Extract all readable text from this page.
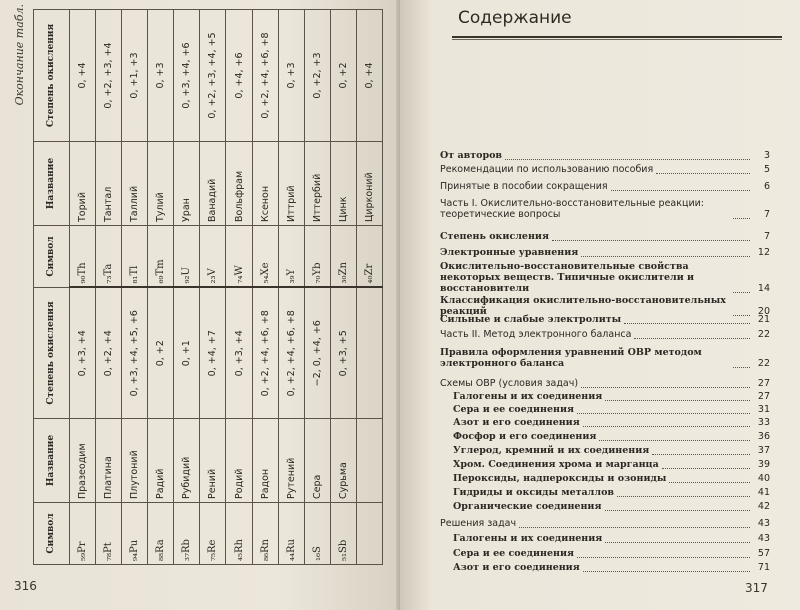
Окончание табл.
Символ	Название	Степень окисления	Символ	Название	Степень окисления
₅₉Pr	Празеодим	0, +3, +4	₉₀Th	Торий	0, +4
₇₈Pt	Платина	0, +2, +4	₇₃Ta	Тантал	0, +2, +3, +4
₉₄Pu	Плутоний	0, +3, +4, +5, +6	₈₁Tl	Таллий	0, +1, +3
₈₈Ra	Радий	0, +2	₆₉Tm	Тулий	0, +3
₃₇Rb	Рубидий	0, +1	₉₂U	Уран	0, +3, +4, +6
₇₅Re	Рений	0, +4, +7	₂₃V	Ванадий	0, +2, +3, +4, +5
₄₅Rh	Родий	0, +3, +4	₇₄W	Вольфрам	0, +4, +6
₈₆Rn	Радон	0, +2, +4, +6, +8	₅₄Xe	Ксенон	0, +2, +4, +6, +8
₄₄Ru	Рутений	0, +2, +4, +6, +8	₃₉Y	Иттрий	0, +3
₁₆S	Сера	−2, 0, +4, +6	₇₀Yb	Иттербий	0, +2, +3
₅₁Sb	Сурьма	0, +3, +5	₃₀Zn	Цинк	0, +2
			₄₀Zr	Цирконий	0, +4
316
Содержание
От авторов	3
Рекомендации по использованию пособия	5
Принятые в пособии сокращения	6
Часть I. Окислительно-восстановительные реакции: теоретические вопросы	7
Степень окисления	7
Электронные уравнения	12
Окислительно-восстановительные свойства некоторых веществ. Типичные окислители и восстановители	14
Классификация окислительно-восстановительных реакций	20
Сильные и слабые электролиты	21
Часть II. Метод электронного баланса	22
Правила оформления уравнений ОВР методом электронного баланса	22
Схемы ОВР (условия задач)	27
Галогены и их соединения	27
Сера и ее соединения	31
Азот и его соединения	33
Фосфор и его соединения	36
Углерод, кремний и их соединения	37
Хром. Соединения хрома и марганца	39
Пероксиды, надпероксиды и озониды	40
Гидриды и оксиды металлов	41
Органические соединения	42
Решения задач	43
Галогены и их соединения	43
Сера и ее соединения	57
Азот и его соединения	71
317
